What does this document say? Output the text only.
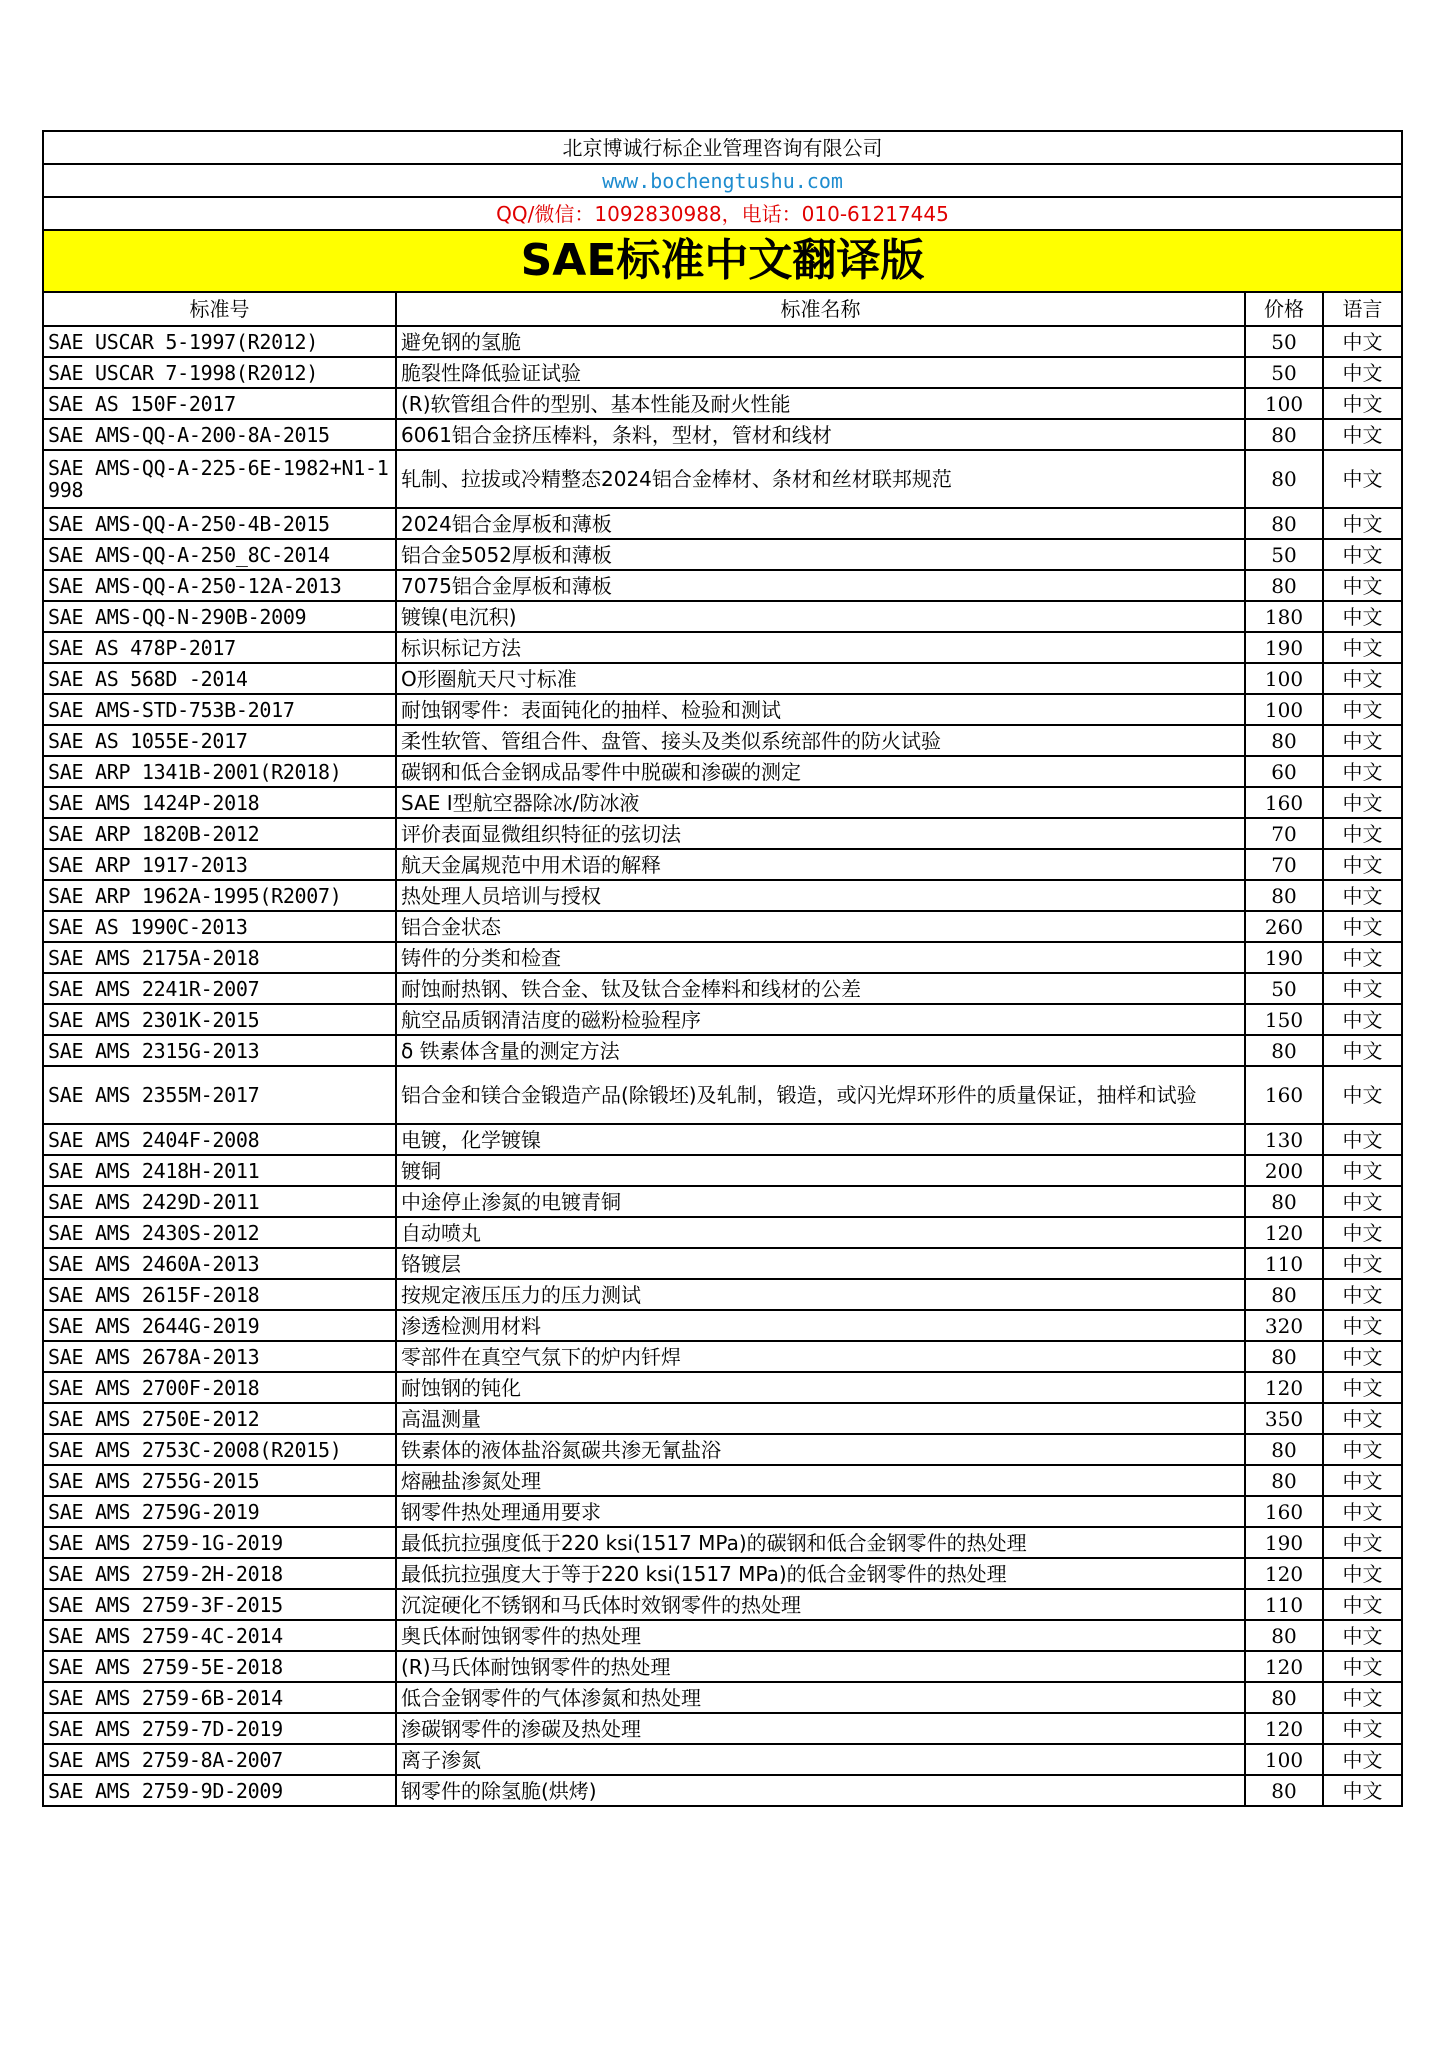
北京博诚行标企业管理咨询有限公司			
www.bochengtushu.com			
QQ/微信：1092830988，电话：010-61217445			
SAE标准中文翻译版			
标准号	标准名称	价格	语言
SAE USCAR 5-1997(R2012)	避免钢的氢脆	50	中文
SAE USCAR 7-1998(R2012)	脆裂性降低验证试验	50	中文
SAE AS 150F-2017	(R)软管组合件的型别、基本性能及耐火性能	100	中文
SAE AMS-QQ-A-200-8A-2015	6061铝合金挤压棒料，条料，型材，管材和线材	80	中文
SAE AMS-QQ-A-225-6E-1982+N1-1998	轧制、拉拔或冷精整态2024铝合金棒材、条材和丝材联邦规范	80	中文
SAE AMS-QQ-A-250-4B-2015	2024铝合金厚板和薄板	80	中文
SAE AMS-QQ-A-250_8C-2014	铝合金5052厚板和薄板	50	中文
SAE AMS-QQ-A-250-12A-2013	7075铝合金厚板和薄板	80	中文
SAE AMS-QQ-N-290B-2009	镀镍(电沉积)	180	中文
SAE AS 478P-2017	标识标记方法	190	中文
SAE AS 568D -2014	O形圈航天尺寸标准	100	中文
SAE AMS-STD-753B-2017	耐蚀钢零件：表面钝化的抽样、检验和测试	100	中文
SAE AS 1055E-2017	柔性软管、管组合件、盘管、接头及类似系统部件的防火试验	80	中文
SAE ARP 1341B-2001(R2018)	碳钢和低合金钢成品零件中脱碳和渗碳的测定	60	中文
SAE AMS 1424P-2018	SAE I型航空器除冰/防冰液	160	中文
SAE ARP 1820B-2012	评价表面显微组织特征的弦切法	70	中文
SAE ARP 1917-2013	航天金属规范中用术语的解释	70	中文
SAE ARP 1962A-1995(R2007)	热处理人员培训与授权	80	中文
SAE AS 1990C-2013	铝合金状态	260	中文
SAE AMS 2175A-2018	铸件的分类和检查	190	中文
SAE AMS 2241R-2007	耐蚀耐热钢、铁合金、钛及钛合金棒料和线材的公差	50	中文
SAE AMS 2301K-2015	航空品质钢清洁度的磁粉检验程序	150	中文
SAE AMS 2315G-2013	δ 铁素体含量的测定方法	80	中文
SAE AMS 2355M-2017	铝合金和镁合金锻造产品(除锻坯)及轧制，锻造，或闪光焊环形件的质量保证，抽样和试验	160	中文
SAE AMS 2404F-2008	电镀，化学镀镍	130	中文
SAE AMS 2418H-2011	镀铜	200	中文
SAE AMS 2429D-2011	中途停止渗氮的电镀青铜	80	中文
SAE AMS 2430S-2012	自动喷丸	120	中文
SAE AMS 2460A-2013	铬镀层	110	中文
SAE AMS 2615F-2018	按规定液压压力的压力测试	80	中文
SAE AMS 2644G-2019	渗透检测用材料	320	中文
SAE AMS 2678A-2013	零部件在真空气氛下的炉内钎焊	80	中文
SAE AMS 2700F-2018	耐蚀钢的钝化	120	中文
SAE AMS 2750E-2012	高温测量	350	中文
SAE AMS 2753C-2008(R2015)	铁素体的液体盐浴氮碳共渗无氰盐浴	80	中文
SAE AMS 2755G-2015	熔融盐渗氮处理	80	中文
SAE AMS 2759G-2019	钢零件热处理通用要求	160	中文
SAE AMS 2759-1G-2019	最低抗拉强度低于220 ksi(1517 MPa)的碳钢和低合金钢零件的热处理	190	中文
SAE AMS 2759-2H-2018	最低抗拉强度大于等于220 ksi(1517 MPa)的低合金钢零件的热处理	120	中文
SAE AMS 2759-3F-2015	沉淀硬化不锈钢和马氏体时效钢零件的热处理	110	中文
SAE AMS 2759-4C-2014	奥氏体耐蚀钢零件的热处理	80	中文
SAE AMS 2759-5E-2018	(R)马氏体耐蚀钢零件的热处理	120	中文
SAE AMS 2759-6B-2014	低合金钢零件的气体渗氮和热处理	80	中文
SAE AMS 2759-7D-2019	渗碳钢零件的渗碳及热处理	120	中文
SAE AMS 2759-8A-2007	离子渗氮	100	中文
SAE AMS 2759-9D-2009	钢零件的除氢脆(烘烤)	80	中文
